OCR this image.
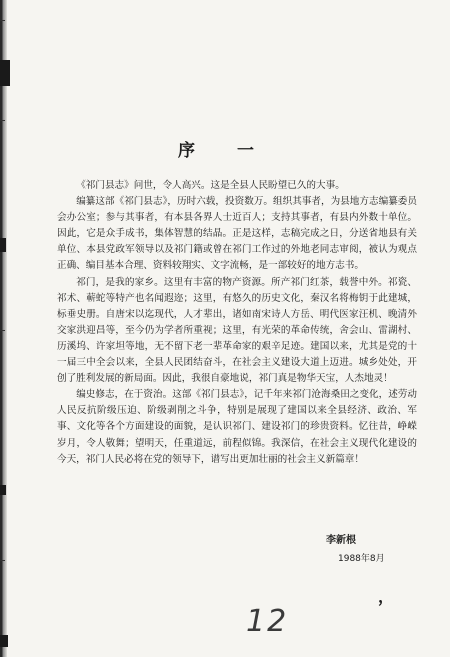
序 一

《祁门县志》问世，令人高兴。这是全县人民盼望已久的大事。

编纂这部《祁门县志》，历时六载，投资数万。组织其事者，为县地方志编纂委员会办公室；参与其事者，有本县各界人士近百人；支持其事者，有县内外数十单位。因此，它是众手成书，集体智慧的结晶。正是这样，志稿完成之日，分送省地县有关单位、本县党政军领导以及祁门籍或曾在祁门工作过的外地老同志审阅，被认为观点正确、编目基本合理、资料较翔实、文字流畅，是一部较好的地方志书。

祁门，是我的家乡。这里有丰富的物产资源。所产祁门红茶，载誉中外。祁瓷、祁术、蕲蛇等特产也名闻遐迩；这里，有悠久的历史文化，秦汉名将梅钥于此建城，标垂史册。自唐宋以迄现代，人才辈出，诸如南宋诗人方岳、明代医家汪机、晚清外交家洪迎昌等，至今仍为学者所重视；这里，有光荣的革命传统，舍会山、雷湖村、历溪坞、许家坦等地，无不留下老一辈革命家的艰辛足迹。建国以来，尤其是党的十一届三中全会以来，全县人民团结奋斗，在社会主义建设大道上迈进。城乡处处，开创了胜利发展的新局面。因此，我很自豪地说，祁门真是物华天宝，人杰地灵！

编史修志，在于资治。这部《祁门县志》，记千年来祁门沧海桑田之变化，述劳动人民反抗阶级压迫、阶级剥削之斗争，特别是展现了建国以来全县经济、政治、军事、文化等各个方面建设的面貌，是认识祁门、建设祁门的珍贵资料。忆往昔，峥嵘岁月，令人敬舞；望明天，任重道远，前程似锦。我深信，在社会主义现代化建设的今天，祁门人民必将在党的领导下，谱写出更加壮丽的社会主义新篇章！

李新根
1988年8月
，
12
